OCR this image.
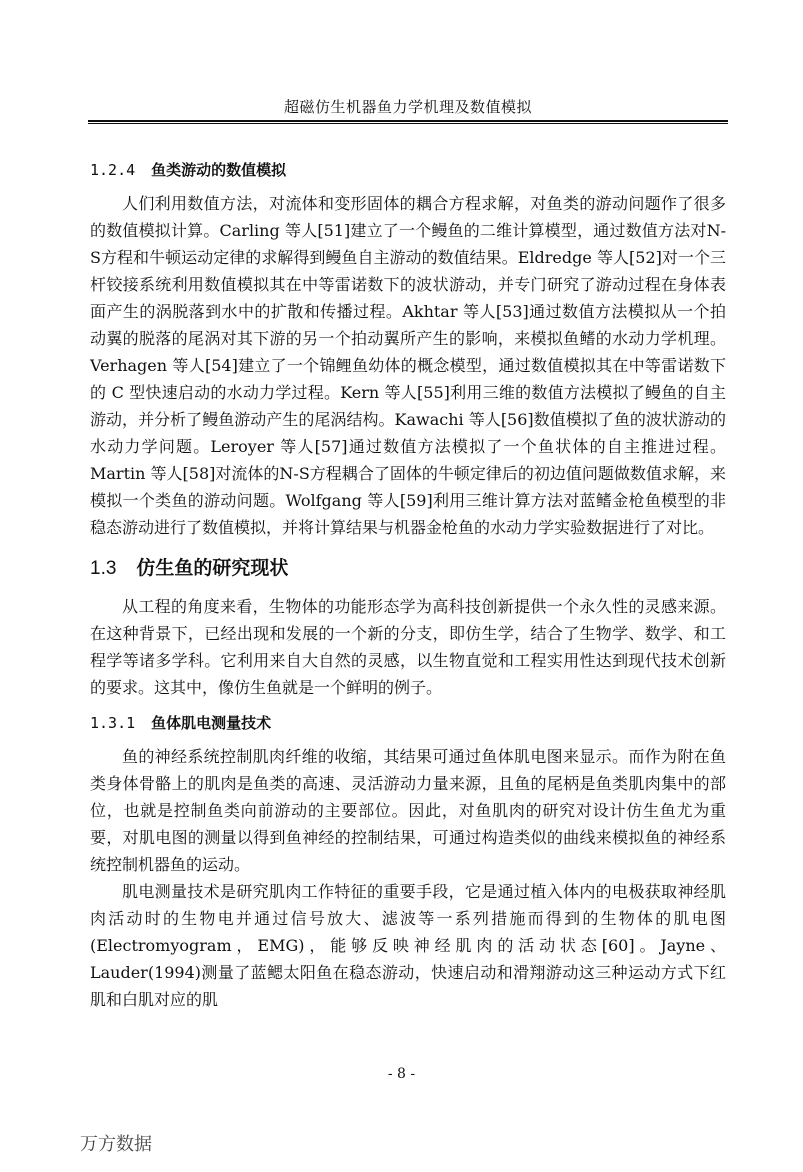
超磁仿生机器鱼力学机理及数值模拟
1.2.4 鱼类游动的数值模拟

人们利用数值方法，对流体和变形固体的耦合方程求解，对鱼类的游动问题作了很多的数值模拟计算。Carling 等人[51]建立了一个鳗鱼的二维计算模型，通过数值方法对N-S方程和牛顿运动定律的求解得到鳗鱼自主游动的数值结果。Eldredge 等人[52]对一个三杆铰接系统利用数值模拟其在中等雷诺数下的波状游动，并专门研究了游动过程在身体表面产生的涡脱落到水中的扩散和传播过程。Akhtar 等人[53]通过数值方法模拟从一个拍动翼的脱落的尾涡对其下游的另一个拍动翼所产生的影响，来模拟鱼鳍的水动力学机理。Verhagen 等人[54]建立了一个锦鲤鱼幼体的概念模型，通过数值模拟其在中等雷诺数下的 C 型快速启动的水动力学过程。Kern 等人[55]利用三维的数值方法模拟了鳗鱼的自主游动，并分析了鳗鱼游动产生的尾涡结构。Kawachi 等人[56]数值模拟了鱼的波状游动的水动力学问题。Leroyer 等人[57]通过数值方法模拟了一个鱼状体的自主推进过程。Martin 等人[58]对流体的N-S方程耦合了固体的牛顿定律后的初边值问题做数值求解，来模拟一个类鱼的游动问题。Wolfgang 等人[59]利用三维计算方法对蓝鳍金枪鱼模型的非稳态游动进行了数值模拟，并将计算结果与机器金枪鱼的水动力学实验数据进行了对比。

1.3 仿生鱼的研究现状

从工程的角度来看，生物体的功能形态学为高科技创新提供一个永久性的灵感来源。在这种背景下，已经出现和发展的一个新的分支，即仿生学，结合了生物学、数学、和工程学等诸多学科。它利用来自大自然的灵感，以生物直觉和工程实用性达到现代技术创新的要求。这其中，像仿生鱼就是一个鲜明的例子。

1.3.1 鱼体肌电测量技术

鱼的神经系统控制肌肉纤维的收缩，其结果可通过鱼体肌电图来显示。而作为附在鱼类身体骨骼上的肌肉是鱼类的高速、灵活游动力量来源，且鱼的尾柄是鱼类肌肉集中的部位，也就是控制鱼类向前游动的主要部位。因此，对鱼肌肉的研究对设计仿生鱼尤为重要，对肌电图的测量以得到鱼神经的控制结果，可通过构造类似的曲线来模拟鱼的神经系统控制机器鱼的运动。

肌电测量技术是研究肌肉工作特征的重要手段，它是通过植入体内的电极获取神经肌肉活动时的生物电并通过信号放大、滤波等一系列措施而得到的生物体的肌电图(Electromyogram，EMG)，能够反映神经肌肉的活动状态[60]。Jayne、Lauder(1994)测量了蓝鳃太阳鱼在稳态游动，快速启动和滑翔游动这三种运动方式下红肌和白肌对应的肌

- 8 -
万方数据
